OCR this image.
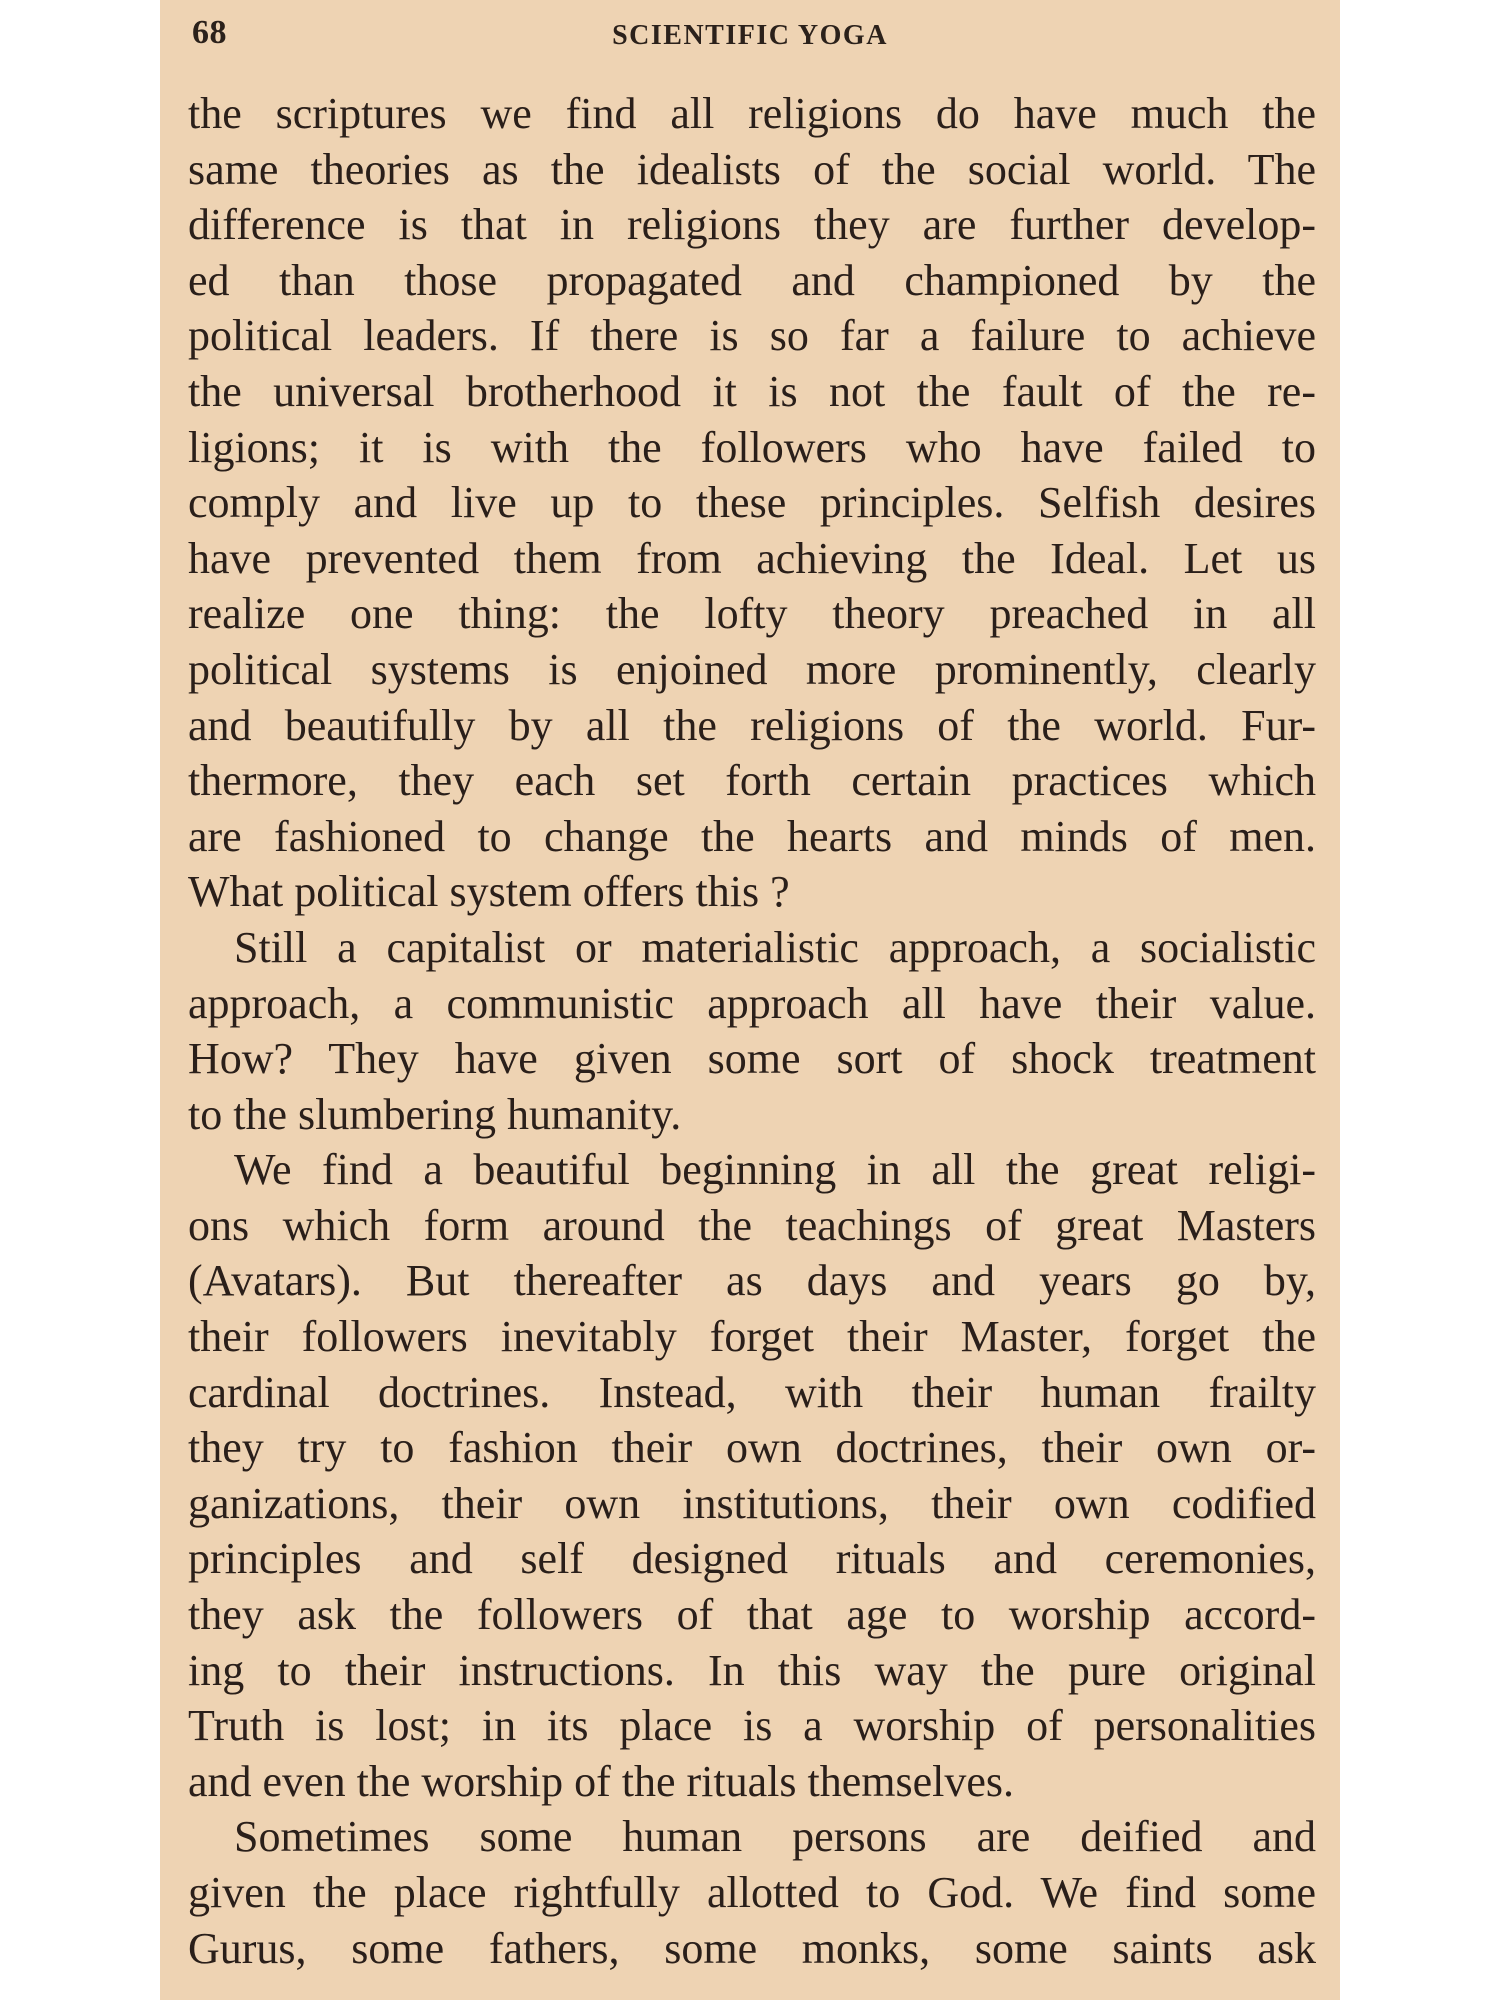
68	SCIENTIFIC YOGA
the scriptures we find all religions do have much the
same theories as the idealists of the social world. The
difference is that in religions they are further develop-
ed than those propagated and championed by the
political leaders. If there is so far a failure to achieve
the universal brotherhood it is not the fault of the re-
ligions; it is with the followers who have failed to
comply and live up to these principles. Selfish desires
have prevented them from achieving the Ideal. Let us
realize one thing: the lofty theory preached in all
political systems is enjoined more prominently, clearly
and beautifully by all the religions of the world. Fur-
thermore, they each set forth certain practices which
are fashioned to change the hearts and minds of men.
What political system offers this ?
Still a capitalist or materialistic approach, a socialistic
approach, a communistic approach all have their value.
How? They have given some sort of shock treatment
to the slumbering humanity.
We find a beautiful beginning in all the great religi-
ons which form around the teachings of great Masters
(Avatars). But thereafter as days and years go by,
their followers inevitably forget their Master, forget the
cardinal doctrines. Instead, with their human frailty
they try to fashion their own doctrines, their own or-
ganizations, their own institutions, their own codified
principles and self designed rituals and ceremonies,
they ask the followers of that age to worship accord-
ing to their instructions. In this way the pure original
Truth is lost; in its place is a worship of personalities
and even the worship of the rituals themselves.
Sometimes some human persons are deified and
given the place rightfully allotted to God. We find some
Gurus, some fathers, some monks, some saints ask
